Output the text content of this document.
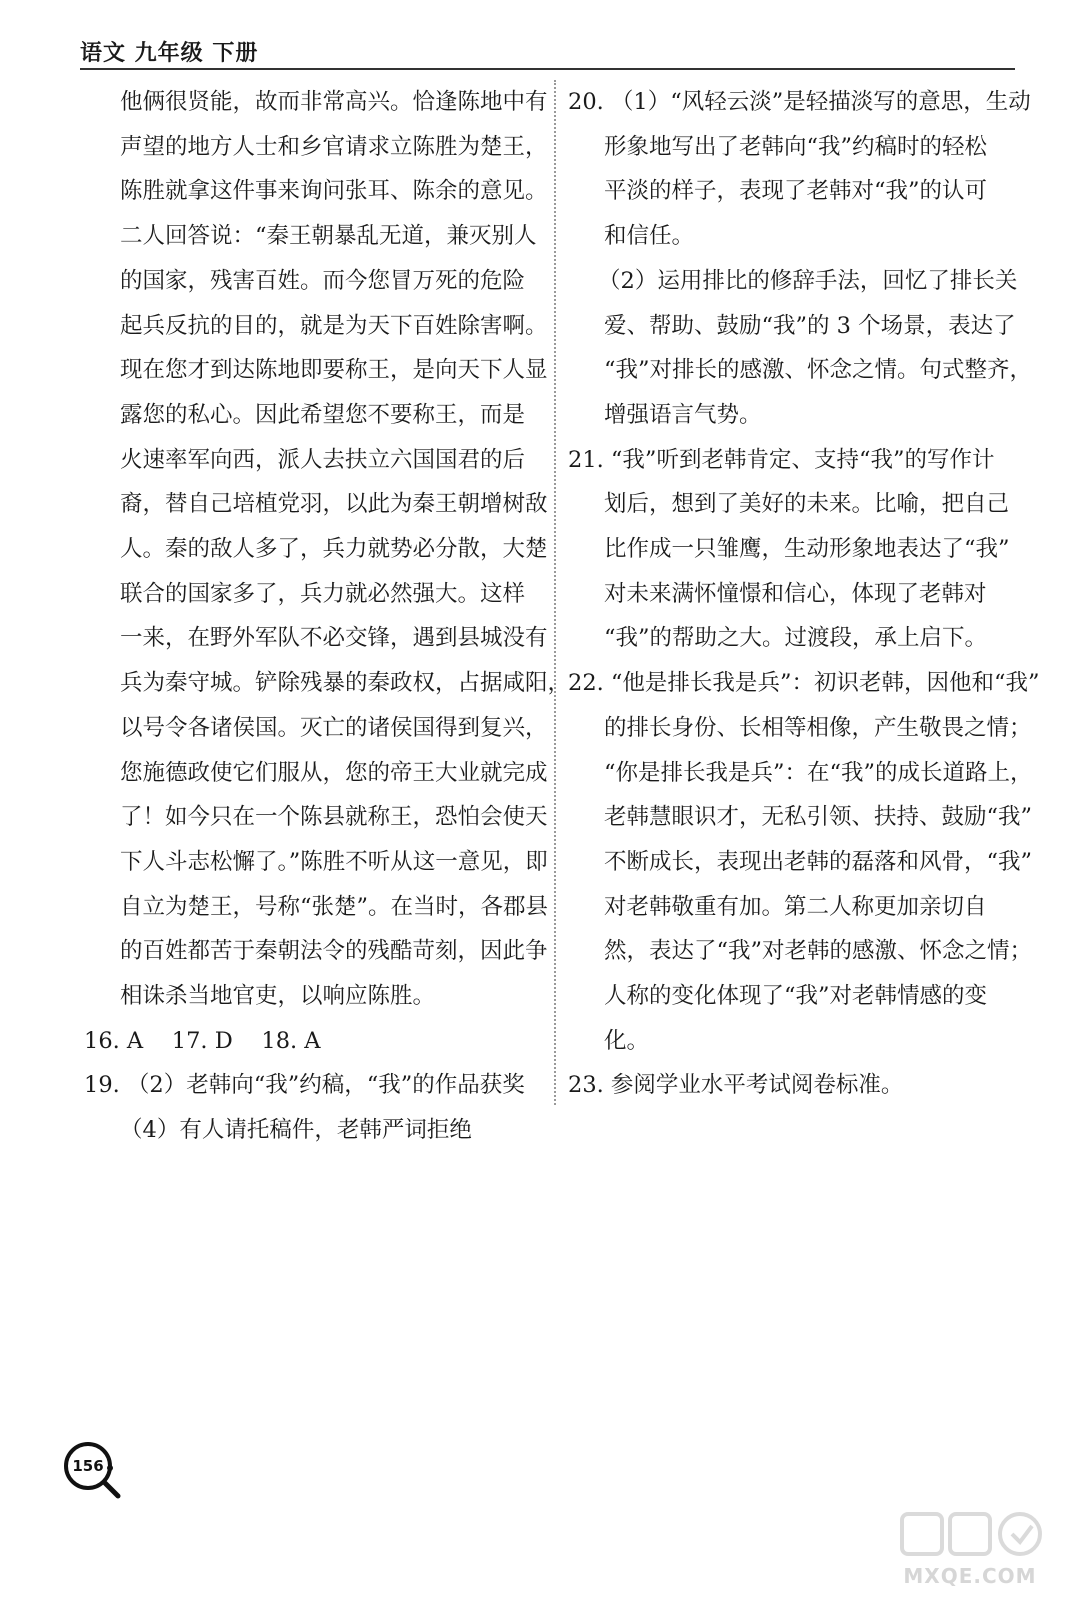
语文 九年级 下册
他俩很贤能，故而非常高兴。恰逢陈地中有
声望的地方人士和乡官请求立陈胜为楚王，
陈胜就拿这件事来询问张耳、陈余的意见。
二人回答说：“秦王朝暴乱无道，兼灭别人
的国家，残害百姓。而今您冒万死的危险
起兵反抗的目的，就是为天下百姓除害啊。
现在您才到达陈地即要称王，是向天下人显
露您的私心。因此希望您不要称王，而是
火速率军向西，派人去扶立六国国君的后
裔，替自己培植党羽，以此为秦王朝增树敌
人。秦的敌人多了，兵力就势必分散，大楚
联合的国家多了，兵力就必然强大。这样
一来，在野外军队不必交锋，遇到县城没有
兵为秦守城。铲除残暴的秦政权，占据咸阳，
以号令各诸侯国。灭亡的诸侯国得到复兴，
您施德政使它们服从，您的帝王大业就完成
了！如今只在一个陈县就称王，恐怕会使天
下人斗志松懈了。”陈胜不听从这一意见，即
自立为楚王，号称“张楚”。在当时，各郡县
的百姓都苦于秦朝法令的残酷苛刻，因此争
相诛杀当地官吏，以响应陈胜。
16. A    17. D    18. A
19. （2）老韩向“我”约稿，“我”的作品获奖
（4）有人请托稿件，老韩严词拒绝
20. （1）“风轻云淡”是轻描淡写的意思，生动
形象地写出了老韩向“我”约稿时的轻松
平淡的样子，表现了老韩对“我”的认可
和信任。
（2）运用排比的修辞手法，回忆了排长关
爱、帮助、鼓励“我”的 3 个场景，表达了
“我”对排长的感激、怀念之情。句式整齐，
增强语言气势。
21. “我”听到老韩肯定、支持“我”的写作计
划后，想到了美好的未来。比喻，把自己
比作成一只雏鹰，生动形象地表达了“我”
对未来满怀憧憬和信心，体现了老韩对
“我”的帮助之大。过渡段，承上启下。
22. “他是排长我是兵”：初识老韩，因他和“我”
的排长身份、长相等相像，产生敬畏之情；
“你是排长我是兵”：在“我”的成长道路上，
老韩慧眼识才，无私引领、扶持、鼓励“我”
不断成长，表现出老韩的磊落和风骨，“我”
对老韩敬重有加。第二人称更加亲切自
然，表达了“我”对老韩的感激、怀念之情；
人称的变化体现了“我”对老韩情感的变
化。
23. 参阅学业水平考试阅卷标准。
156
MXQE.COM
